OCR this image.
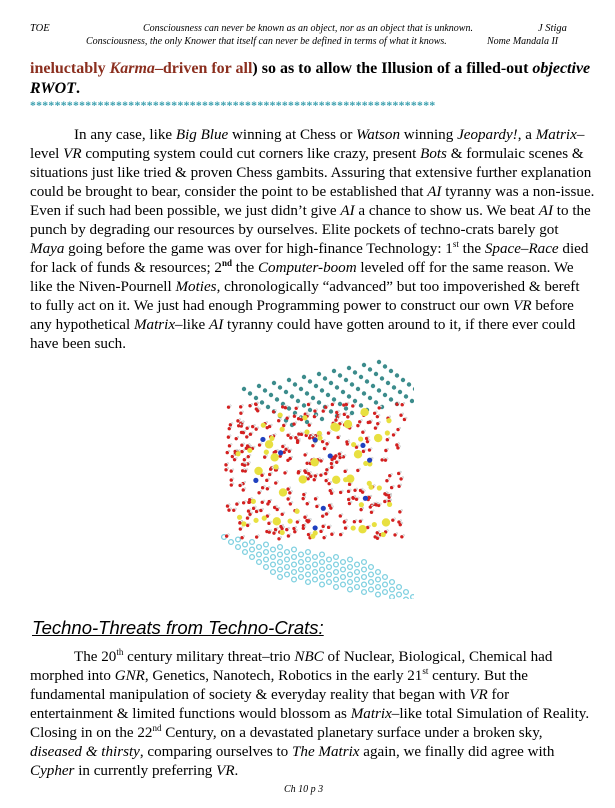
TOE	Consciousness can never be known as an object, nor as an object that is unknown.	J Stiga
Consciousness, the only Knower that itself can never be defined in terms of what it knows.	Nome Mandala II

ineluctably Karma–driven for all) so as to allow the Illusion of a filled-out objective RWOT.

******************************************************************

In any case, like Big Blue winning at Chess or Watson winning Jeopardy!, a Matrix–level VR computing system could cut corners like crazy, present Bots & formulaic scenes & situations just like tried & proven Chess gambits. Assuring that extensive further explanation could be brought to bear, consider the point to be established that AI tyranny was a non-issue. Even if such had been possible, we just didn’t give AI a chance to show us. We beat AI to the punch by degrading our resources by ourselves. Elite pockets of techno-crats barely got Maya going before the game was over for high-finance Technology: 1st the Space–Race died for lack of funds & resources; 2nd the Computer-boom leveled off for the same reason. We like the Niven-Pournell Moties, chronologically “advanced” but too impoverished & bereft to fully act on it. We just had enough Programming power to construct our own VR before any hypothetical Matrix–like AI tyranny could have gotten around to it, if there ever could have been such.

Techno-Threats from Techno-Crats:

The 20th century military threat–trio NBC of Nuclear, Biological, Chemical had morphed into GNR, Genetics, Nanotech, Robotics in the early 21st century. But the fundamental manipulation of society & everyday reality that began with VR for entertainment & limited functions would blossom as Matrix–like total Simulation of Reality. Closing in on the 22nd Century, on a devastated planetary surface under a broken sky, diseased & thirsty, comparing ourselves to The Matrix again, we finally did agree with Cypher in currently preferring VR.

Ch 10 p 3
